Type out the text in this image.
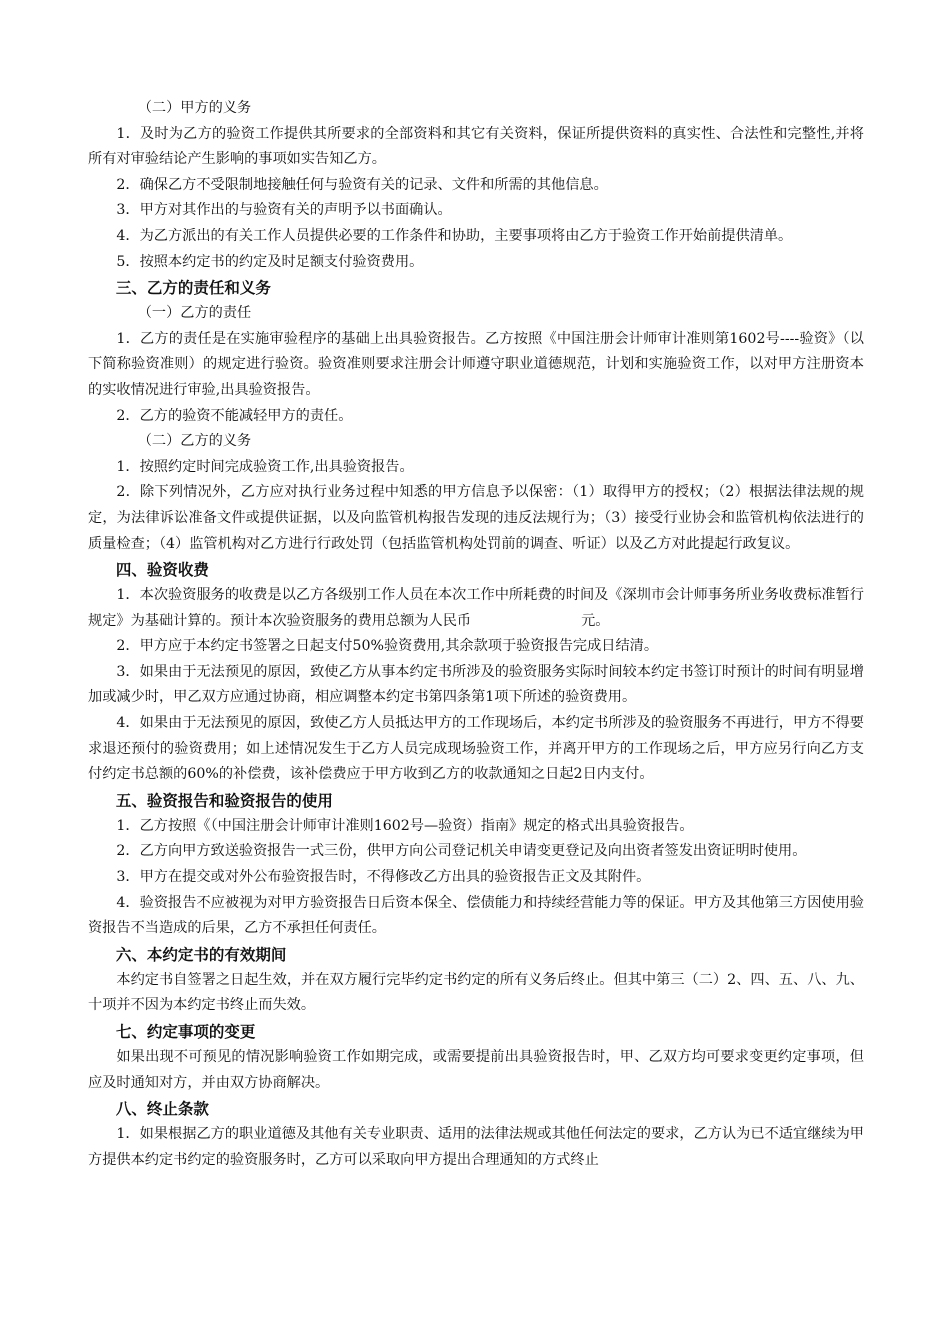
（二）甲方的义务

1．及时为乙方的验资工作提供其所要求的全部资料和其它有关资料，保证所提供资料的真实性、合法性和完整性,并将所有对审验结论产生影响的事项如实告知乙方。

2．确保乙方不受限制地接触任何与验资有关的记录、文件和所需的其他信息。

3．甲方对其作出的与验资有关的声明予以书面确认。

4．为乙方派出的有关工作人员提供必要的工作条件和协助，主要事项将由乙方于验资工作开始前提供清单。

5．按照本约定书的约定及时足额支付验资费用。

三、乙方的责任和义务

（一）乙方的责任

1．乙方的责任是在实施审验程序的基础上出具验资报告。乙方按照《中国注册会计师审计准则第1602号----验资》（以下简称验资准则）的规定进行验资。验资准则要求注册会计师遵守职业道德规范，计划和实施验资工作，以对甲方注册资本的实收情况进行审验,出具验资报告。

2．乙方的验资不能减轻甲方的责任。

（二）乙方的义务

1．按照约定时间完成验资工作,出具验资报告。

2．除下列情况外，乙方应对执行业务过程中知悉的甲方信息予以保密：（1）取得甲方的授权；（2）根据法律法规的规定，为法律诉讼准备文件或提供证据，以及向监管机构报告发现的违反法规行为；（3）接受行业协会和监管机构依法进行的质量检查；（4）监管机构对乙方进行行政处罚（包括监管机构处罚前的调查、听证）以及乙方对此提起行政复议。

四、验资收费

1．本次验资服务的收费是以乙方各级别工作人员在本次工作中所耗费的时间及《深圳市会计师事务所业务收费标准暂行规定》为基础计算的。预计本次验资服务的费用总额为人民币	元。

2．甲方应于本约定书签署之日起支付50%验资费用,其余款项于验资报告完成日结清。

3．如果由于无法预见的原因，致使乙方从事本约定书所涉及的验资服务实际时间较本约定书签订时预计的时间有明显增加或减少时，甲乙双方应通过协商，相应调整本约定书第四条第1项下所述的验资费用。

4．如果由于无法预见的原因，致使乙方人员抵达甲方的工作现场后，本约定书所涉及的验资服务不再进行，甲方不得要求退还预付的验资费用；如上述情况发生于乙方人员完成现场验资工作，并离开甲方的工作现场之后，甲方应另行向乙方支付约定书总额的60%的补偿费，该补偿费应于甲方收到乙方的收款通知之日起2日内支付。

五、验资报告和验资报告的使用

1．乙方按照《（中国注册会计师审计准则1602号—验资）指南》规定的格式出具验资报告。

2．乙方向甲方致送验资报告一式三份，供甲方向公司登记机关申请变更登记及向出资者签发出资证明时使用。

3．甲方在提交或对外公布验资报告时，不得修改乙方出具的验资报告正文及其附件。

4．验资报告不应被视为对甲方验资报告日后资本保全、偿债能力和持续经营能力等的保证。甲方及其他第三方因使用验资报告不当造成的后果，乙方不承担任何责任。

六、本约定书的有效期间

本约定书自签署之日起生效，并在双方履行完毕约定书约定的所有义务后终止。但其中第三（二）2、四、五、八、九、十项并不因为本约定书终止而失效。

七、约定事项的变更

如果出现不可预见的情况影响验资工作如期完成，或需要提前出具验资报告时，甲、乙双方均可要求变更约定事项，但应及时通知对方，并由双方协商解决。

八、终止条款

1．如果根据乙方的职业道德及其他有关专业职责、适用的法律法规或其他任何法定的要求，乙方认为已不适宜继续为甲方提供本约定书约定的验资服务时，乙方可以采取向甲方提出合理通知的方式终止
